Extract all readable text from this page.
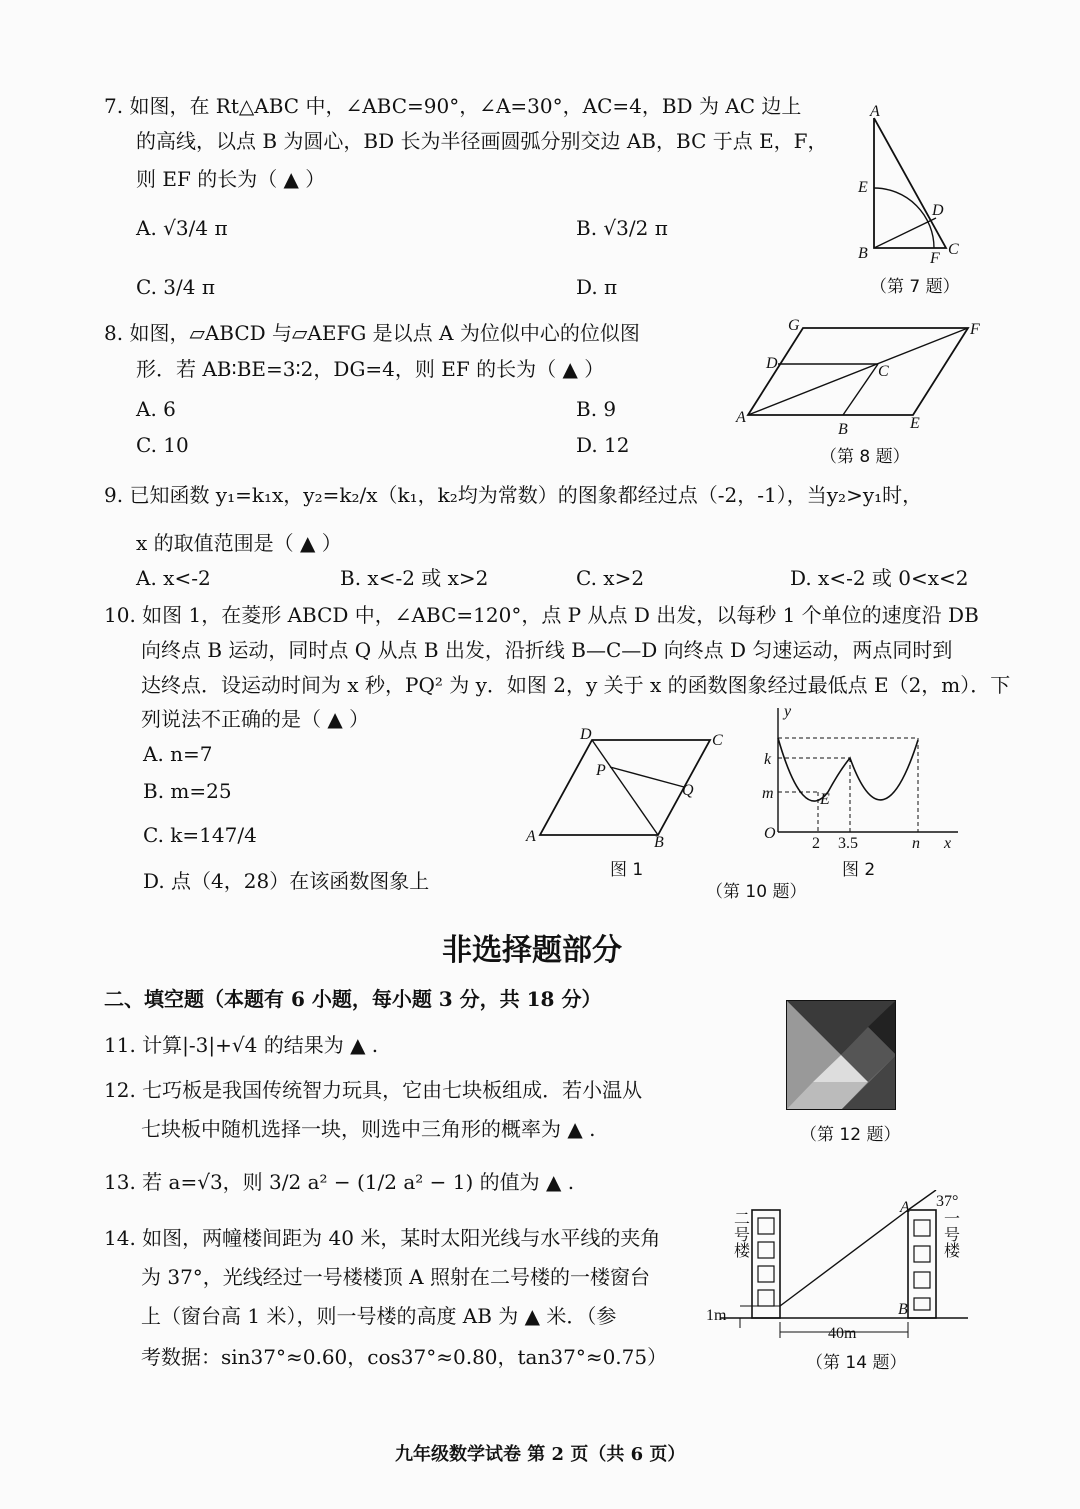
7. 如图，在 Rt△ABC 中，∠ABC=90°，∠A=30°，AC=4，BD 为 AC 边上
的高线，以点 B 为圆心，BD 长为半径画圆弧分别交边 AB，BC 于点 E，F，
则 EF 的长为（ ▲ ）
A. √3/4 π	B. √3/2 π
C. 3/4 π	D. π
A
E
D
B	C
F
（第 7 题）
8. 如图，▱ABCD 与▱AEFG 是以点 A 为位似中心的位似图
形．若 AB∶BE=3∶2，DG=4，则 EF 的长为（ ▲ ）
A. 6	B. 9
C. 10	D. 12
G	F
D	C
A
B	E
（第 8 题）
9. 已知函数 y₁=k₁x，y₂=k₂/x（k₁，k₂均为常数）的图象都经过点（-2，-1），当y₂>y₁时，
x 的取值范围是（ ▲ ）
A. x<-2	B. x<-2 或 x>2	C. x>2	D. x<-2 或 0<x<2
10. 如图 1，在菱形 ABCD 中，∠ABC=120°，点 P 从点 D 出发，以每秒 1 个单位的速度沿 DB
向终点 B 运动，同时点 Q 从点 B 出发，沿折线 B—C—D 向终点 D 匀速运动，两点同时到
达终点．设运动时间为 x 秒，PQ² 为 y．如图 2，y 关于 x 的函数图象经过最低点 E（2，m）．下
列说法不正确的是（ ▲ ）
A. n=7
B. m=25
C. k=147/4
D. 点（4，28）在该函数图象上
D	C
P
Q
A	B
图 1
y
k
m	E
O
x
2 3.5	n
图 2
（第 10 题）
非选择题部分
二、填空题（本题有 6 小题，每小题 3 分，共 18 分）
11. 计算|-3|+√4 的结果为 ▲ .
12. 七巧板是我国传统智力玩具，它由七块板组成．若小温从
七块板中随机选择一块，则选中三角形的概率为 ▲ .	（第 12 题）
13. 若 a=√3，则 3/2 a² − (1/2 a² − 1) 的值为 ▲ .
14. 如图，两幢楼间距为 40 米，某时太阳光线与水平线的夹角
为 37°，光线经过一号楼楼顶 A 照射在二号楼的一楼窗台
上（窗台高 1 米），则一号楼的高度 AB 为 ▲ 米．（参
考数据：sin37°≈0.60，cos37°≈0.80，tan37°≈0.75）
A
B
二号楼	一号楼
40m
1m
37°
（第 14 题）
九年级数学试卷 第 2 页（共 6 页）
